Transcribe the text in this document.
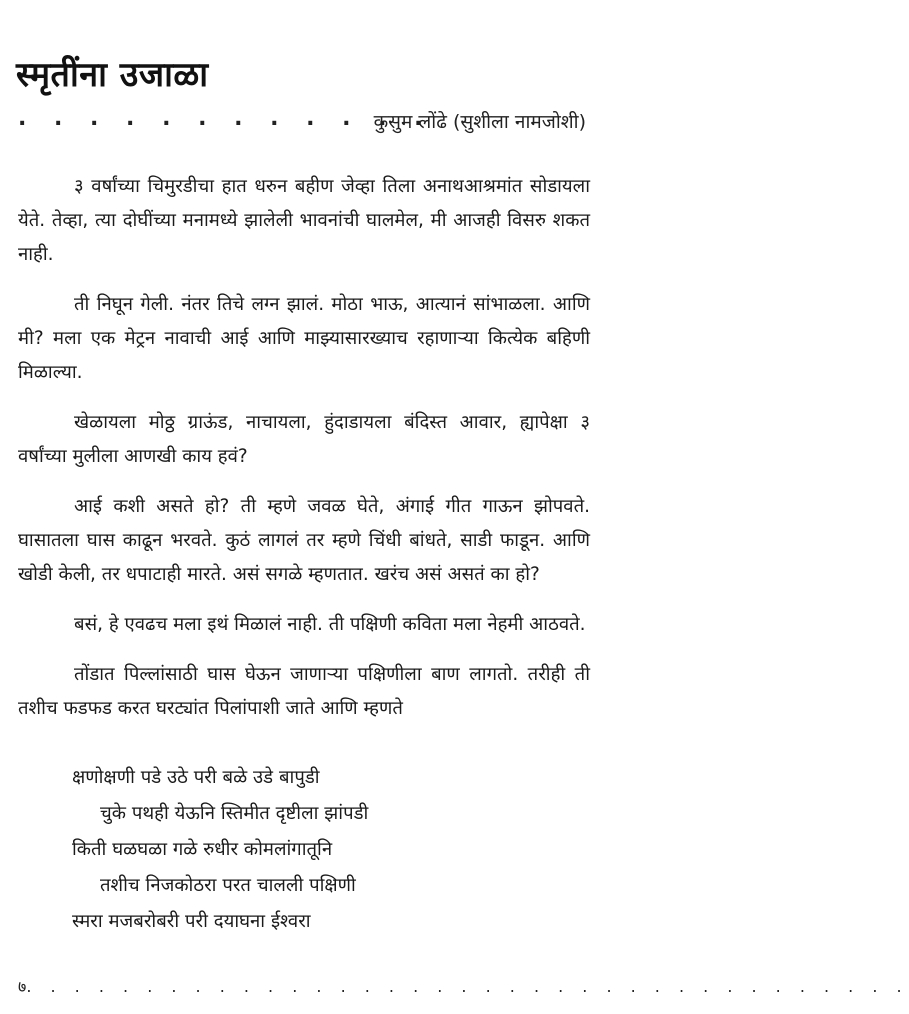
स्मृतींना उजाळा
. . . . . . . . . . . .
कुसुम लोंढे (सुशीला नामजोशी)

३ वर्षांच्या चिमुरडीचा हात धरुन बहीण जेव्हा तिला अनाथआश्रमांत सोडायला येते. तेव्हा, त्या दोघींच्या मनामध्ये झालेली भावनांची घालमेल, मी आजही विसरु शकत नाही.

ती निघून गेली. नंतर तिचे लग्न झालं. मोठा भाऊ, आत्यानं सांभाळला. आणि मी? मला एक मेट्रन नावाची आई आणि माझ्यासारख्याच रहाणाऱ्या कित्येक बहिणी मिळाल्या.

खेळायला मोठ्ठ ग्राऊंड, नाचायला, हुंदाडायला बंदिस्त आवार, ह्यापेक्षा ३ वर्षांच्या मुलीला आणखी काय हवं?

आई कशी असते हो? ती म्हणे जवळ घेते, अंगाई गीत गाऊन झोपवते. घासातला घास काढून भरवते. कुठं लागलं तर म्हणे चिंधी बांधते, साडी फाडून. आणि खोडी केली, तर धपाटाही मारते. असं सगळे म्हणतात. खरंच असं असतं का हो?

बसं, हे एवढच मला इथं मिळालं नाही. ती पक्षिणी कविता मला नेहमी आठवते.

तोंडात पिल्लांसाठी घास घेऊन जाणाऱ्या पक्षिणीला बाण लागतो. तरीही ती तशीच फडफड करत घरट्यांत पिलांपाशी जाते आणि म्हणते

क्षणोक्षणी पडे उठे परी बळे उडे बापुडी
चुके पथही येऊनि स्तिमीत दृष्टीला झांपडी
किती घळघळा गळे रुधीर कोमलांगातूनि
तशीच निजकोठरा परत चालली पक्षिणी
स्मरा मजबरोबरी परी दयाघना ईश्वरा
७. . . . . . . . . . . . . . . . . . . . . . . . . . . . . . . . . . . . .
